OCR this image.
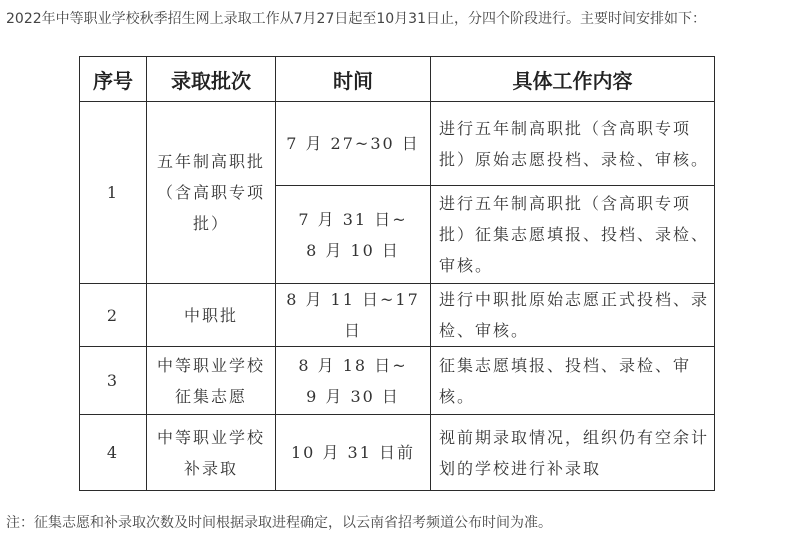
2022年中等职业学校秋季招生网上录取工作从7月27日起至10月31日止，分四个阶段进行。主要时间安排如下：
序号	录取批次	时间	具体工作内容
1	五年制高职批（含高职专项批）	7 月 27~30 日	进行五年制高职批（含高职专项批）原始志愿投档、录检、审核。
		7 月 31 日~ 8 月 10 日	进行五年制高职批（含高职专项批）征集志愿填报、投档、录检、审核。
2	中职批	8 月 11 日~17 日	进行中职批原始志愿正式投档、录检、审核。
3	中等职业学校征集志愿	8 月 18 日~ 9 月 30 日	征集志愿填报、投档、录检、审核。
4	中等职业学校补录取	10 月 31 日前	视前期录取情况，组织仍有空余计划的学校进行补录取
注：征集志愿和补录取次数及时间根据录取进程确定，以云南省招考频道公布时间为准。
